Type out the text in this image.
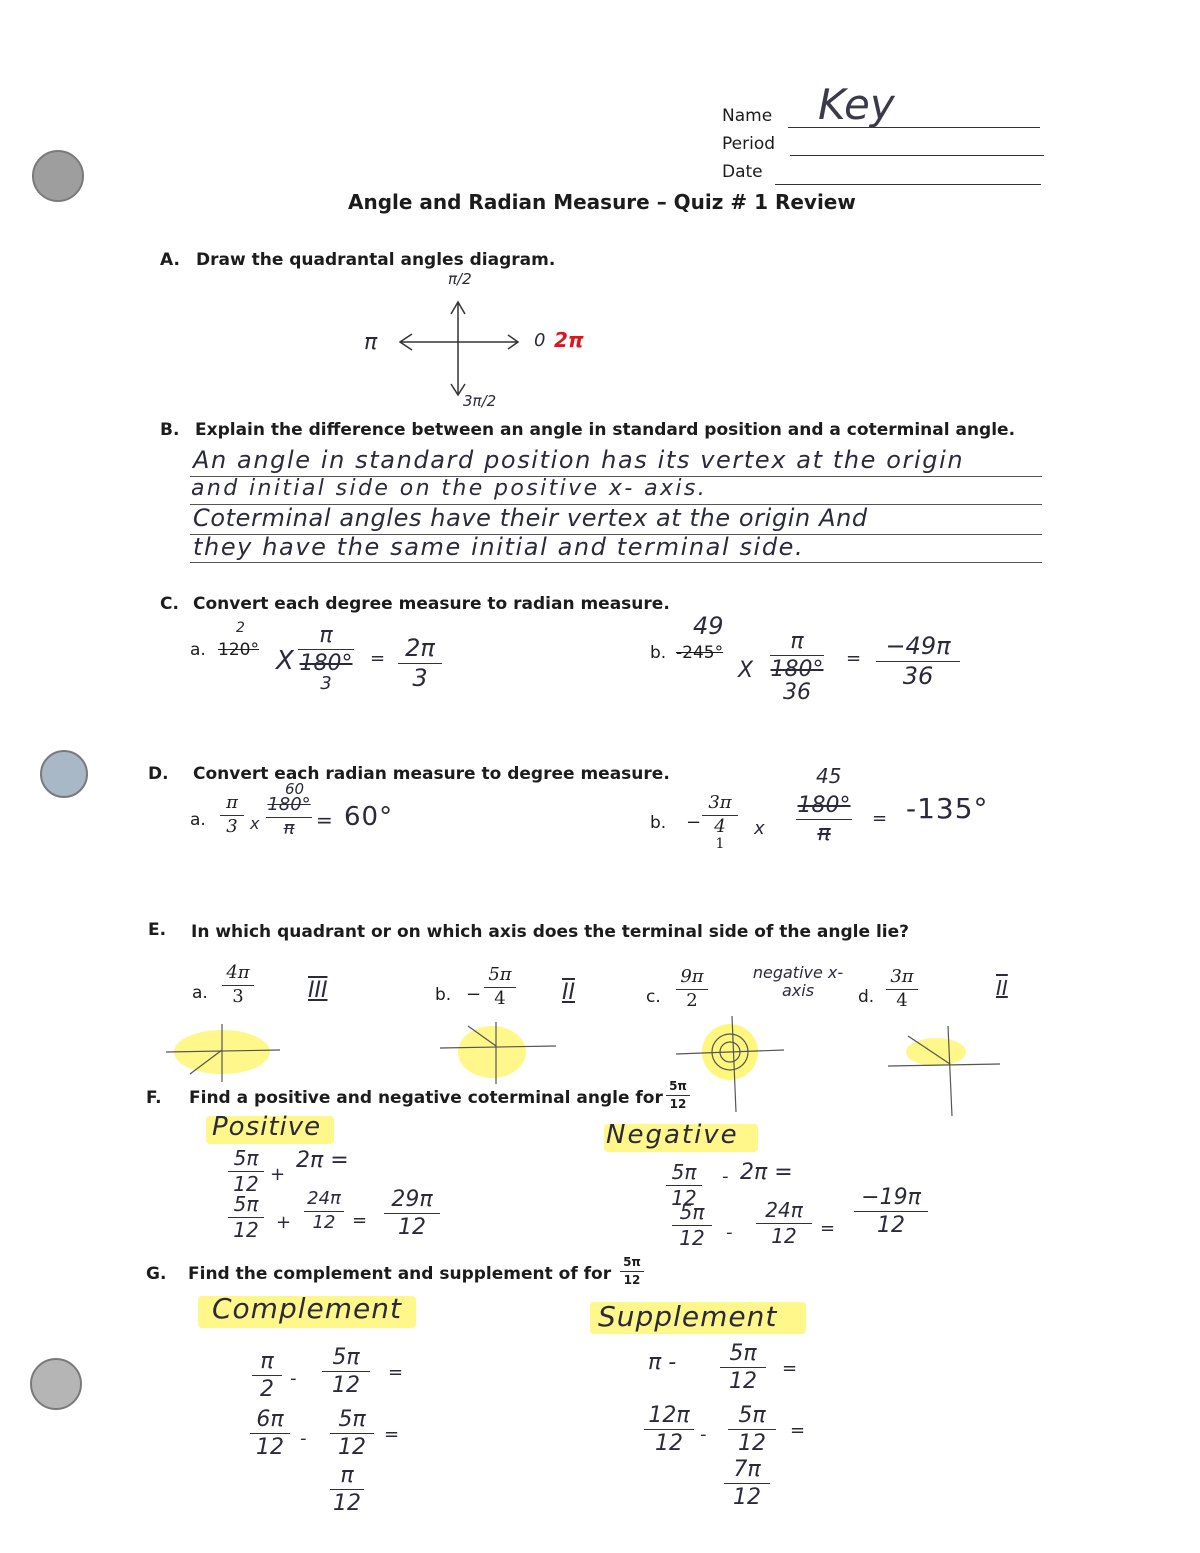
Name Key
Period
Date
Angle and Radian Measure – Quiz # 1 Review
A. Draw the quadrantal angles diagram.
π/2
π	0 2π
3π/2
B. Explain the difference between an angle in standard position and a coterminal angle.
An angle in standard position has its vertex at the origin
and initial side on the positive x- axis.
Coterminal angles have their vertex at the origin And
they have the same initial and terminal side.
C. Convert each degree measure to radian measure.
a.
2
120° X
π
180°
3
= 2π
3
b.
49
-245°
X
π
180°
36
= −49π
36
D. Convert each radian measure to degree measure.
a.
π
3 x
60
180°
π = 60°	b. −
3π
4
1
x
45
180°
π
= -135°
E. In which quadrant or on which axis does the terminal side of the angle lie?
a.
4π
3	III	b. −
5π
4	II	c.
9π
2
negative x-axis	d.
3π
4
II
F. Find a positive and negative coterminal angle for
5π
12
Positive	Negative
5π
12 +
2π =
5π
12 +
24π
12 =
29π
12
5π
12
- 2π =
5π
12 -
24π
12 =
−19π
12
G. Find the complement and supplement of for
5π
12
Complement	Supplement
π
2 -
5π
12
=
6π
12 -
5π
12
=
π
12
π - 5π
12
=
12π
12 -
5π
12
=
7π
12
